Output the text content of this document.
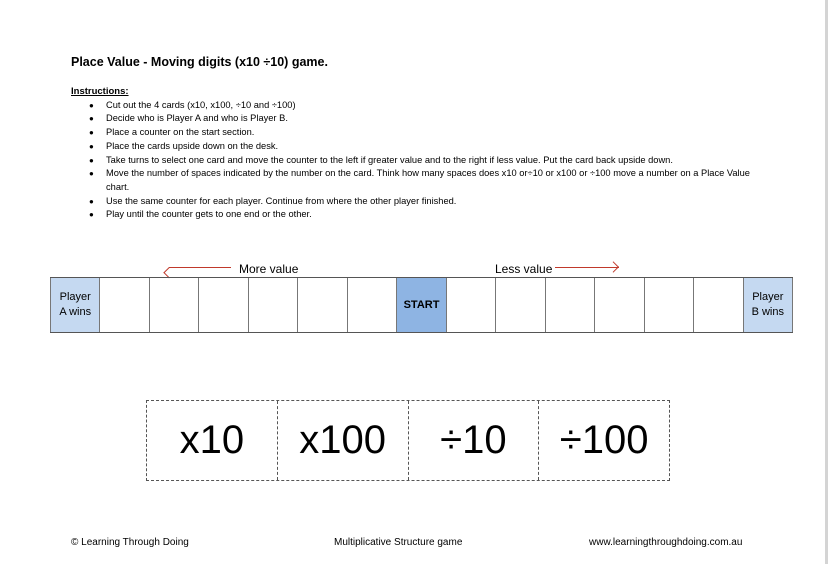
Place Value - Moving digits (x10 ÷10) game.
Instructions:
● Cut out the 4 cards (x10, x100, ÷10 and ÷100)
● Decide who is Player A and who is Player B.
● Place a counter on the start section.
● Place the cards upside down on the desk.
● Take turns to select one card and move the counter to the left if greater value and to the right if less value. Put the card back upside down.
● Move the number of spaces indicated by the number on the card. Think how many spaces does x10 or÷10 or x100 or ÷100 move a number on a Place Value chart.
● Use the same counter for each player. Continue from where the other player finished.
● Play until the counter gets to one end or the other.
More value	Less value
Player
A wins
START
Player
B wins
x10	x100	÷10	÷100
© Learning Through Doing	Multiplicative Structure game	www.learningthroughdoing.com.au
